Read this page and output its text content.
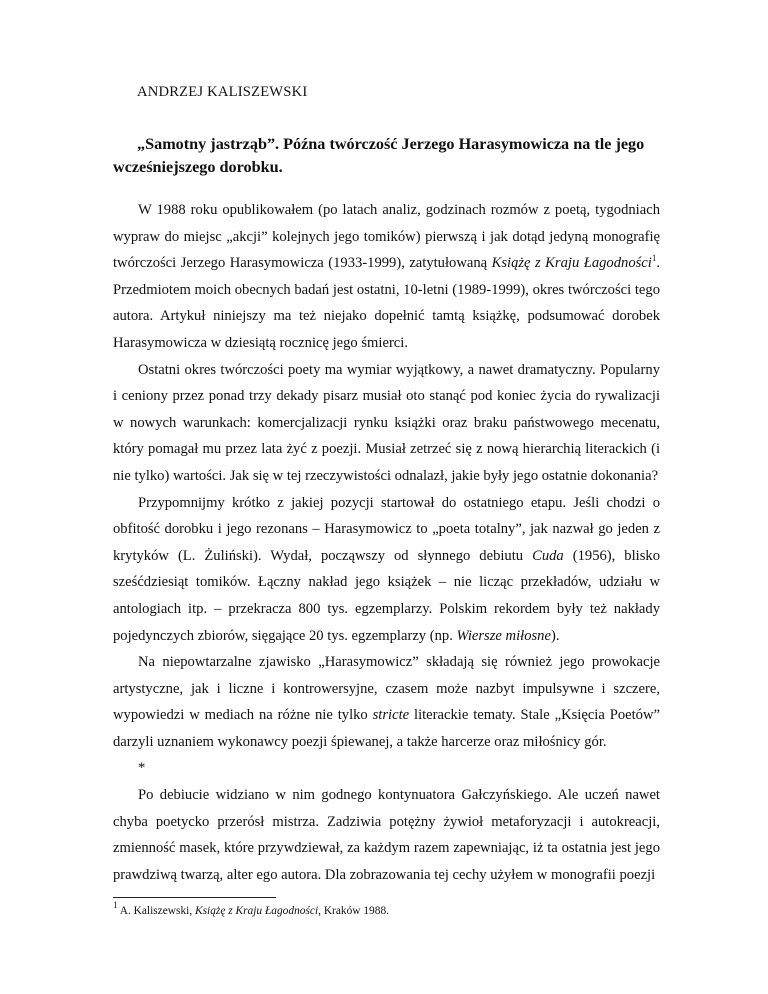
ANDRZEJ KALISZEWSKI

„Samotny jastrząb”. Późna twórczość Jerzego Harasymowicza na tle jego wcześniejszego dorobku.

W 1988 roku opublikowałem (po latach analiz, godzinach rozmów z poetą, tygodniach wypraw do miejsc „akcji” kolejnych jego tomików) pierwszą i jak dotąd jedyną monografię twórczości Jerzego Harasymowicza (1933-1999), zatytułowaną Książę z Kraju Łagodności$^1$. Przedmiotem moich obecnych badań jest ostatni, 10-letni (1989-1999), okres twórczości tego autora. Artykuł niniejszy ma też niejako dopełnić tamtą książkę, podsumować dorobek Harasymowicza w dziesiątą rocznicę jego śmierci.

Ostatni okres twórczości poety ma wymiar wyjątkowy, a nawet dramatyczny. Popularny i ceniony przez ponad trzy dekady pisarz musiał oto stanąć pod koniec życia do rywalizacji w nowych warunkach: komercjalizacji rynku książki oraz braku państwowego mecenatu, który pomagał mu przez lata żyć z poezji. Musiał zetrzeć się z nową hierarchią literackich (i nie tylko) wartości. Jak się w tej rzeczywistości odnalazł, jakie były jego ostatnie dokonania?

Przypomnijmy krótko z jakiej pozycji startował do ostatniego etapu. Jeśli chodzi o obfitość dorobku i jego rezonans – Harasymowicz to „poeta totalny”, jak nazwał go jeden z krytyków (L. Żuliński). Wydał, począwszy od słynnego debiutu Cuda (1956), blisko sześćdziesiąt tomików. Łączny nakład jego książek – nie licząc przekładów, udziału w antologiach itp. – przekracza 800 tys. egzemplarzy. Polskim rekordem były też nakłady pojedynczych zbiorów, sięgające 20 tys. egzemplarzy (np. Wiersze miłosne).

Na niepowtarzalne zjawisko „Harasymowicz” składają się również jego prowokacje artystyczne, jak i liczne i kontrowersyjne, czasem może nazbyt impulsywne i szczere, wypowiedzi w mediach na różne nie tylko stricte literackie tematy. Stale „Księcia Poetów” darzyli uznaniem wykonawcy poezji śpiewanej, a także harcerze oraz miłośnicy gór.

*

Po debiucie widziano w nim godnego kontynuatora Gałczyńskiego. Ale uczeń nawet chyba poetycko przerósł mistrza. Zadziwia potężny żywioł metaforyzacji i autokreacji, zmienność masek, które przywdziewał, za każdym razem zapewniając, iż ta ostatnia jest jego prawdziwą twarzą, alter ego autora. Dla zobrazowania tej cechy użyłem w monografii poezji

$^1$ A. Kaliszewski, Książę z Kraju Łagodności, Kraków 1988.
